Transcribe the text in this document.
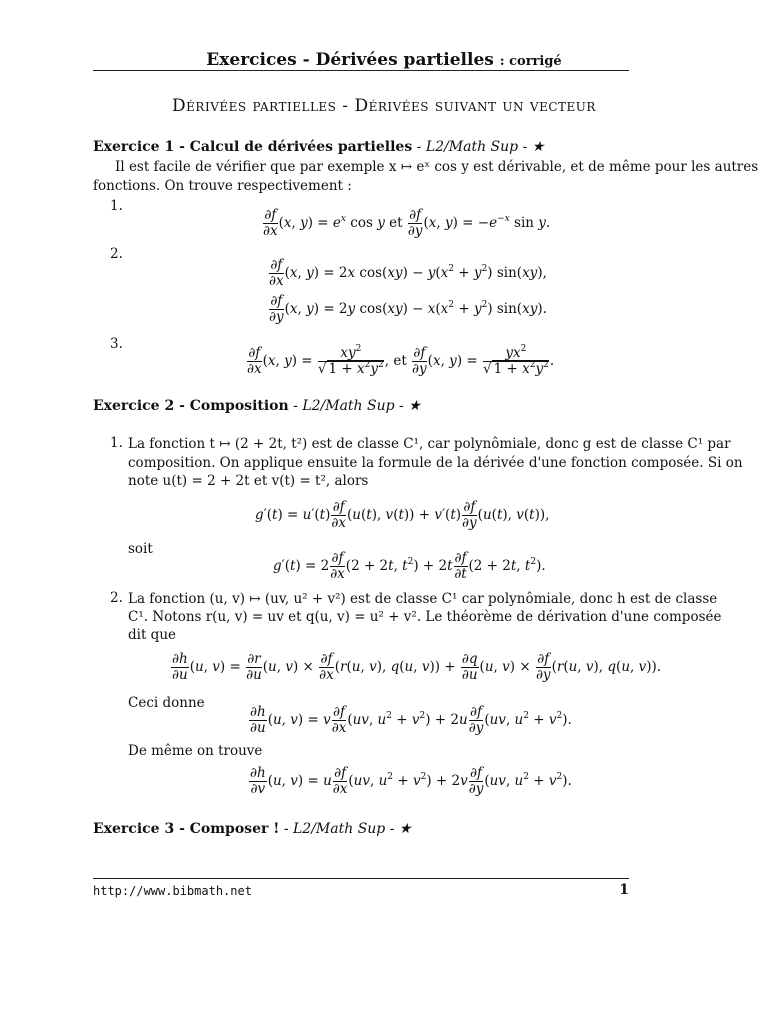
Exercices - Dérivées partielles : corrigé
Dérivées partielles - Dérivées suivant un vecteur
Exercice 1 - Calcul de dérivées partielles - L2/Math Sup - ★
Il est facile de vérifier que par exemple x ↦ eˣ cos y est dérivable, et de même pour les autres
fonctions. On trouve respectivement :
1.
$\frac{\partial f}{\partial x} (x$, $y) = e^x$ cos y et $\frac{\partial f}{\partial y} (x$, $y) = -e^{-x}$ sin y.
2.
$\frac{\partial f}{\partial x} (x$, y) = 2x $\cos(xy) - y(x^2 + y^2)$ sin(xy),
$\frac{\partial f}{\partial y} (x$, y) = 2y $\cos(xy) - x(x^2 + y^2)$ sin(xy).
3.
$\frac{\partial f}{\partial x} (x$, $y) = \frac{xy^2}{√ 1 + x^2y^2}$ , et $\frac{\partial f}{\partial y} (x$, $y) = \frac{yx^2}{√ 1 + x^2y^2}$ .
Exercice 2 - Composition - L2/Math Sup - ★
1. La fonction t ↦ (2 + 2t, t²) est de classe C¹, car polynômiale, donc g est de classe C¹ par
composition. On applique ensuite la formule de la dérivée d'une fonction composée. Si on
note u(t) = 2 + 2t et v(t) = t², alors
$g'(t) = u'(t) \frac{\partial f}{\partial x} (u(t)$, $v(t)) + v'(t) \frac{\partial f}{\partial y} (u(t)$, v(t)),
soit
$g'(t) = 2 \frac{\partial f}{\partial x} (2 + 2t$, $t^2) + 2t \frac{\partial f}{\partial t} (2 + 2t$, $t^2$).
2. La fonction (u, v) ↦ (uv, u² + v²) est de classe C¹ car polynômiale, donc h est de classe
C¹. Notons r(u, v) = uv et q(u, v) = u² + v². Le théorème de dérivation d'une composée
dit que
$\frac{\partial h}{\partial u} (u$, $v) = \frac{\partial r}{\partial u} (u$, $v) \times \frac{\partial f}{\partial x} (r(u$, v), q(u, $v)) + \frac{\partial q}{\partial u} (u$, $v) \times \frac{\partial f}{\partial y} (r(u$, v), q(u, v)).
Ceci donne
$\frac{\partial h}{\partial u} (u$, v) = v $\frac{\partial f}{\partial x} (uv$, $u^2 + v^2) + 2u \frac{\partial f}{\partial y} (uv$, $u^2 + v^2$).
De même on trouve
$\frac{\partial h}{\partial v} (u$, v) = u $\frac{\partial f}{\partial x} (uv$, $u^2 + v^2) + 2v \frac{\partial f}{\partial y} (uv$, $u^2 + v^2$).
Exercice 3 - Composer ! - L2/Math Sup - ★
http://www.bibmath.net	1
